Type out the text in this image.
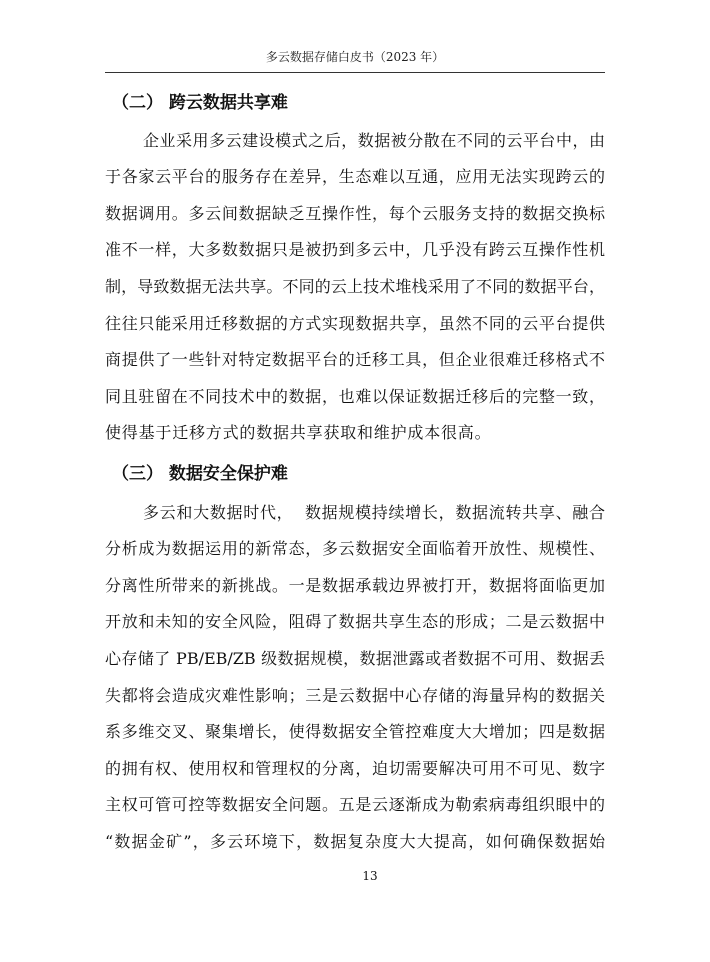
多云数据存储白皮书（2023 年）
（二） 跨云数据共享难
企业采用多云建设模式之后，数据被分散在不同的云平台中，由
于各家云平台的服务存在差异，生态难以互通，应用无法实现跨云的
数据调用。多云间数据缺乏互操作性，每个云服务支持的数据交换标
准不一样，大多数数据只是被扔到多云中，几乎没有跨云互操作性机
制，导致数据无法共享。不同的云上技术堆栈采用了不同的数据平台，
往往只能采用迁移数据的方式实现数据共享，虽然不同的云平台提供
商提供了一些针对特定数据平台的迁移工具，但企业很难迁移格式不
同且驻留在不同技术中的数据，也难以保证数据迁移后的完整一致，
使得基于迁移方式的数据共享获取和维护成本很高。
（三） 数据安全保护难
多云和大数据时代，  数据规模持续增长，数据流转共享、融合
分析成为数据运用的新常态，多云数据安全面临着开放性、规模性、
分离性所带来的新挑战。一是数据承载边界被打开，数据将面临更加
开放和未知的安全风险，阻碍了数据共享生态的形成；二是云数据中
心存储了 PB/EB/ZB 级数据规模，数据泄露或者数据不可用、数据丢
失都将会造成灾难性影响；三是云数据中心存储的海量异构的数据关
系多维交叉、聚集增长，使得数据安全管控难度大大增加；四是数据
的拥有权、使用权和管理权的分离，迫切需要解决可用不可见、数字
主权可管可控等数据安全问题。五是云逐渐成为勒索病毒组织眼中的
“数据金矿”，多云环境下，数据复杂度大大提高，如何确保数据始
13
